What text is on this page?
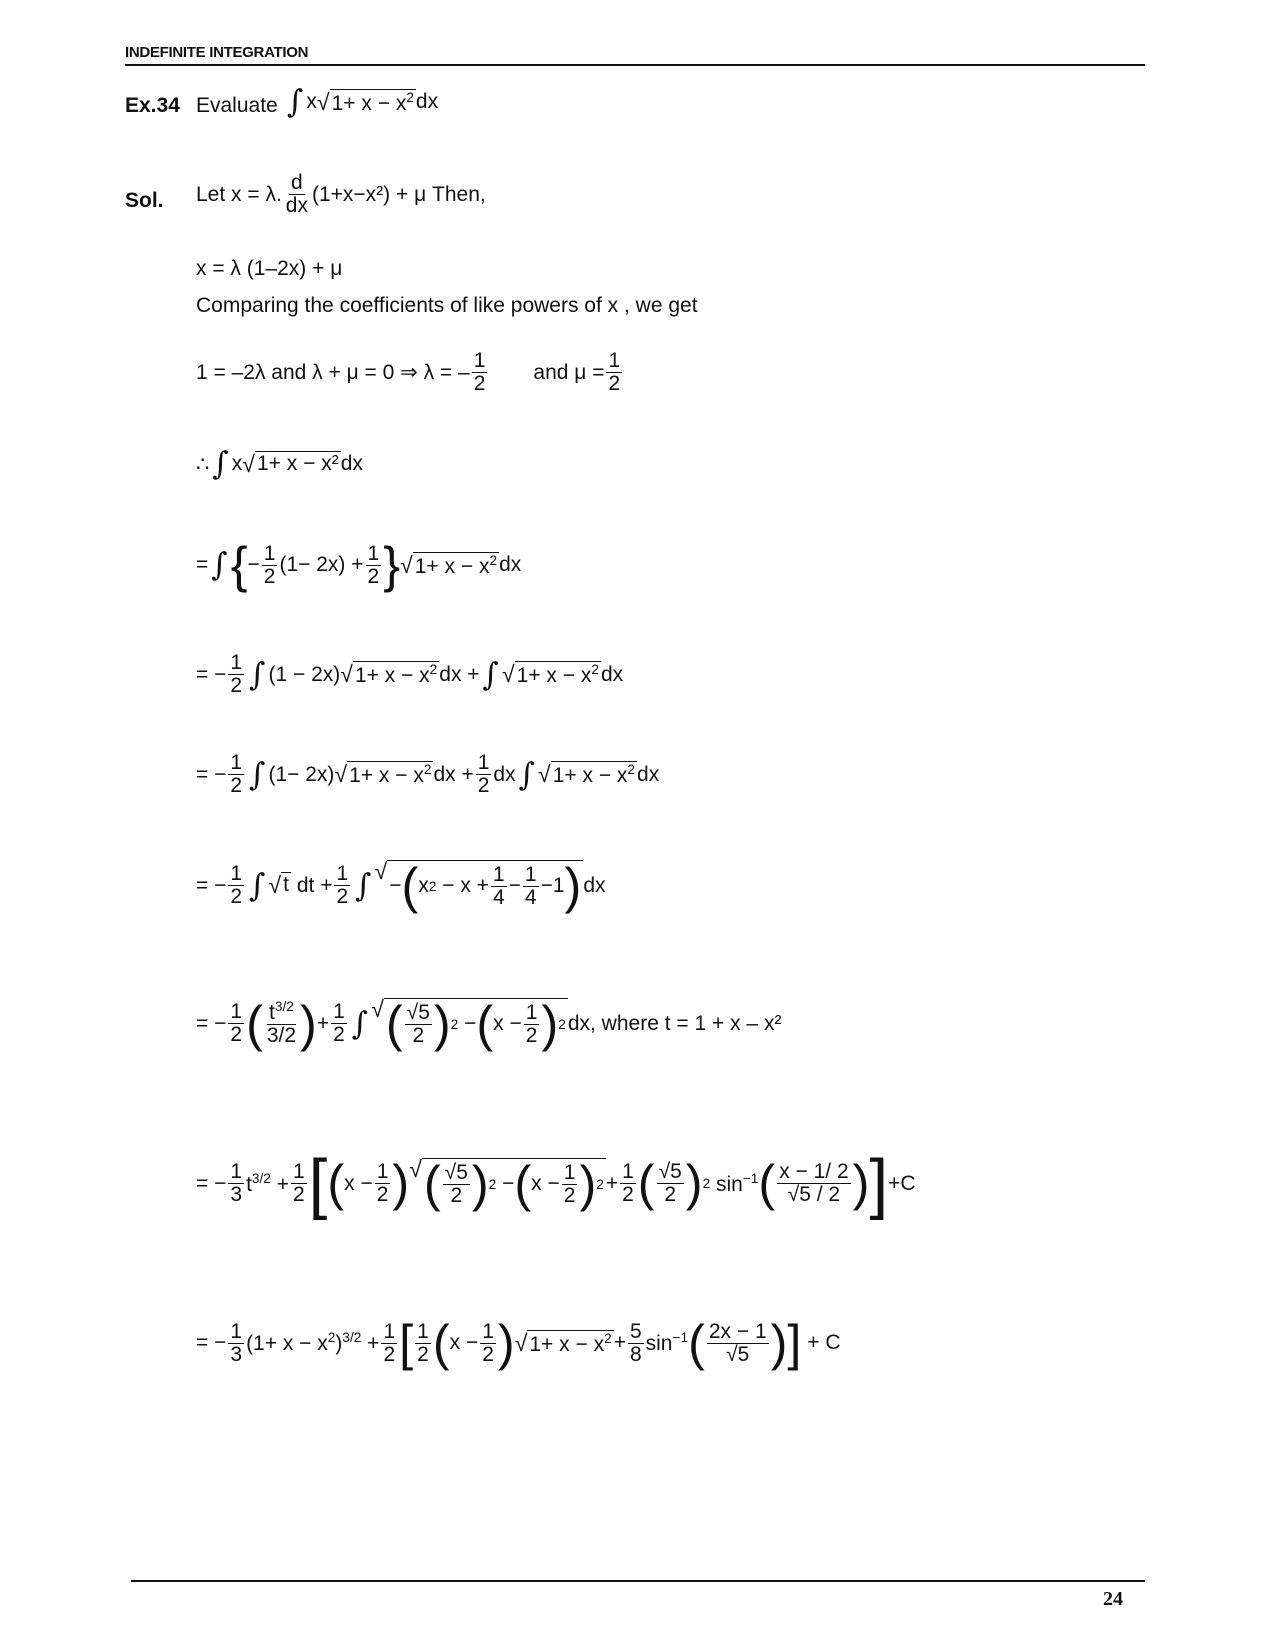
INDEFINITE INTEGRATION
Ex.34 Evaluate ∫ x √ $1+ x - x^2$ dx
Sol. Let x = λ. $\frac{d}{dx} (1+x-x^2) + \mu$ Then,
x = λ (1–2x) + μ
Comparing the coefficients of like powers of x , we get
1 = –2λ and λ + μ = 0 ⇒ λ = – $\frac{1}{2}$ and $\mu = \frac{1}{2}$
∴ ∫ x √ 1+ x − x² dx
= ∫ { − $\frac{1}{2} (1- 2x) + \frac{1}{2}$ } √ $1+ x - x^2$ dx
= − $\frac{1}{2}$ ∫ (1 − 2x) √ $1+ x - x^2$ dx + ∫ √ $1+ x - x^2$ dx
= − $\frac{1}{2}$ ∫ (1− 2x) √ $1+ x - x^2$ dx + $\frac{1}{2}$ dx ∫ √ $1+ x - x^2$ dx
= − $\frac{1}{2}$ ∫ √ t dt + $\frac{1}{2}$ ∫ √
− ( x $2 - x + \frac{1}{4} - \frac{1}{4} -1$ ) dx
= − $\frac{1}{2}$ ( $\frac{t^{3/2}}{3/2}$ ) + $\frac{1}{2}$ ∫ √ ( $\frac{√5}{2}$ ) 2 − ( $x - \frac{1}{2}$ ) 2 dx , where t = 1 + x – x²
= − $\frac{1}{3} t^{3/2} + \frac{1}{2}$ [ ( $x - \frac{1}{2}$ ) √ ( $\frac{√5}{2}$ ) 2 − ( $x - \frac{1}{2}$ ) $2 + \frac{1}{2}$ ( $\frac{√5}{2}$ ) 2 $\sin^{-1}$ ( $\frac{x - 1/ 2}{√5 / 2}$ ) ] +C
= − $\frac{1}{3} (1+ x - x^2)^{3/2} + \frac{1}{2}$ [ $\frac{1}{2}$ ( $x - \frac{1}{2}$ ) √ $1+ x - x^2 + \frac{5}{8} \sin^{-1}$ ( $\frac{2x - 1}{√5}$ ) ] + C
24
